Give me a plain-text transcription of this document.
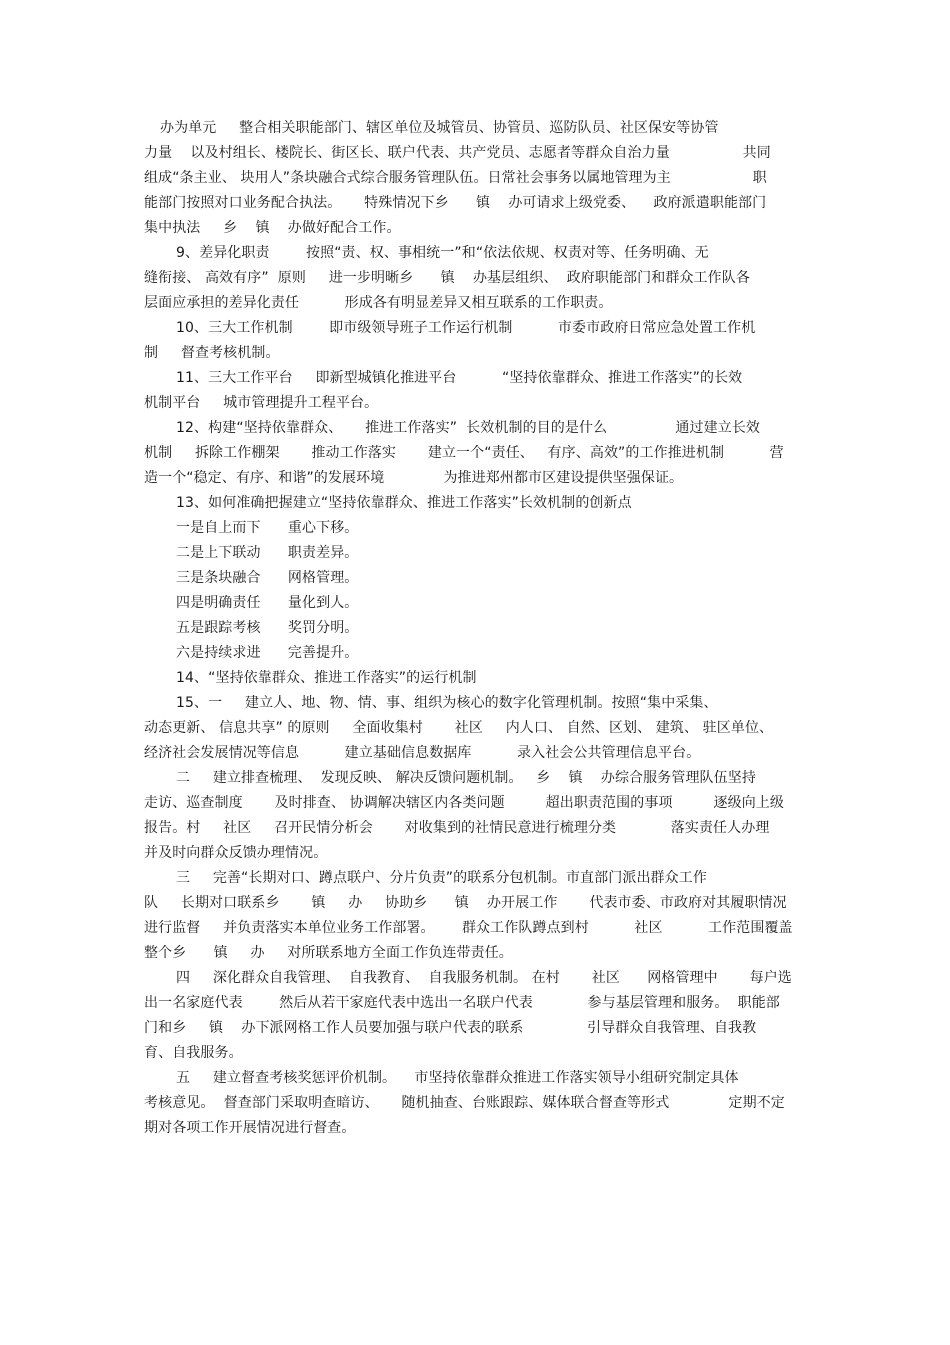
办为单元     整合相关职能部门、辖区单位及城管员、协管员、巡防队员、社区保安等协管
力量    以及村组长、楼院长、街区长、联户代表、共产党员、志愿者等群众自治力量                共同
组成“条主业、 块用人”条块融合式综合服务管理队伍。日常社会事务以属地管理为主                  职
能部门按照对口业务配合执法。     特殊情况下乡      镇    办可请求上级党委、    政府派遣职能部门
集中执法     乡    镇    办做好配合工作。
9、差异化职责        按照“责、权、事相统一”和“依法依规、权责对等、任务明确、无
缝衔接、 高效有序”  原则     进一步明晰乡      镇    办基层组织、  政府职能部门和群众工作队各
层面应承担的差异化责任          形成各有明显差异又相互联系的工作职责。
10、三大工作机制        即市级领导班子工作运行机制          市委市政府日常应急处置工作机
制     督查考核机制。
11、三大工作平台     即新型城镇化推进平台          “坚持依靠群众、推进工作落实”的长效
机制平台     城市管理提升工程平台。
12、构建“坚持依靠群众、     推进工作落实”  长效机制的目的是什么               通过建立长效
机制     拆除工作棚架       推动工作落实       建立一个“责任、   有序、高效”的工作推进机制          营
造一个“稳定、有序、和谐”的发展环境             为推进郑州都市区建设提供坚强保证。
13、如何准确把握建立“坚持依靠群众、推进工作落实”长效机制的创新点
一是自上而下      重心下移。
二是上下联动      职责差异。
三是条块融合      网格管理。
四是明确责任      量化到人。
五是跟踪考核      奖罚分明。
六是持续求进      完善提升。
14、“坚持依靠群众、推进工作落实”的运行机制
15、一     建立人、地、物、情、事、组织为核心的数字化管理机制。按照“集中采集、
动态更新、 信息共享” 的原则     全面收集村       社区     内人口、 自然、区划、 建筑、 驻区单位、
经济社会发展情况等信息          建立基础信息数据库          录入社会公共管理信息平台。
二     建立排查梳理、  发现反映、 解决反馈问题机制。   乡    镇    办综合服务管理队伍坚持
走访、巡查制度       及时排查、 协调解决辖区内各类问题         超出职责范围的事项         逐级向上级
报告。村     社区     召开民情分析会       对收集到的社情民意进行梳理分类            落实责任人办理
并及时向群众反馈办理情况。
三     完善“长期对口、蹲点联户、分片负责”的联系分包机制。市直部门派出群众工作
队     长期对口联系乡       镇     办     协助乡      镇    办开展工作       代表市委、市政府对其履职情况
进行监督     并负责落实本单位业务工作部署。      群众工作队蹲点到村          社区          工作范围覆盖
整个乡      镇     办     对所联系地方全面工作负连带责任。
四     深化群众自我管理、  自我教育、  自我服务机制。 在村       社区      网格管理中       每户选
出一名家庭代表        然后从若干家庭代表中选出一名联户代表            参与基层管理和服务。  职能部
门和乡     镇    办下派网格工作人员要加强与联户代表的联系              引导群众自我管理、自我教
育、自我服务。
五     建立督查考核奖惩评价机制。    市坚持依靠群众推进工作落实领导小组研究制定具体
考核意见。  督查部门采取明查暗访、     随机抽查、台账跟踪、媒体联合督查等形式             定期不定
期对各项工作开展情况进行督查。
